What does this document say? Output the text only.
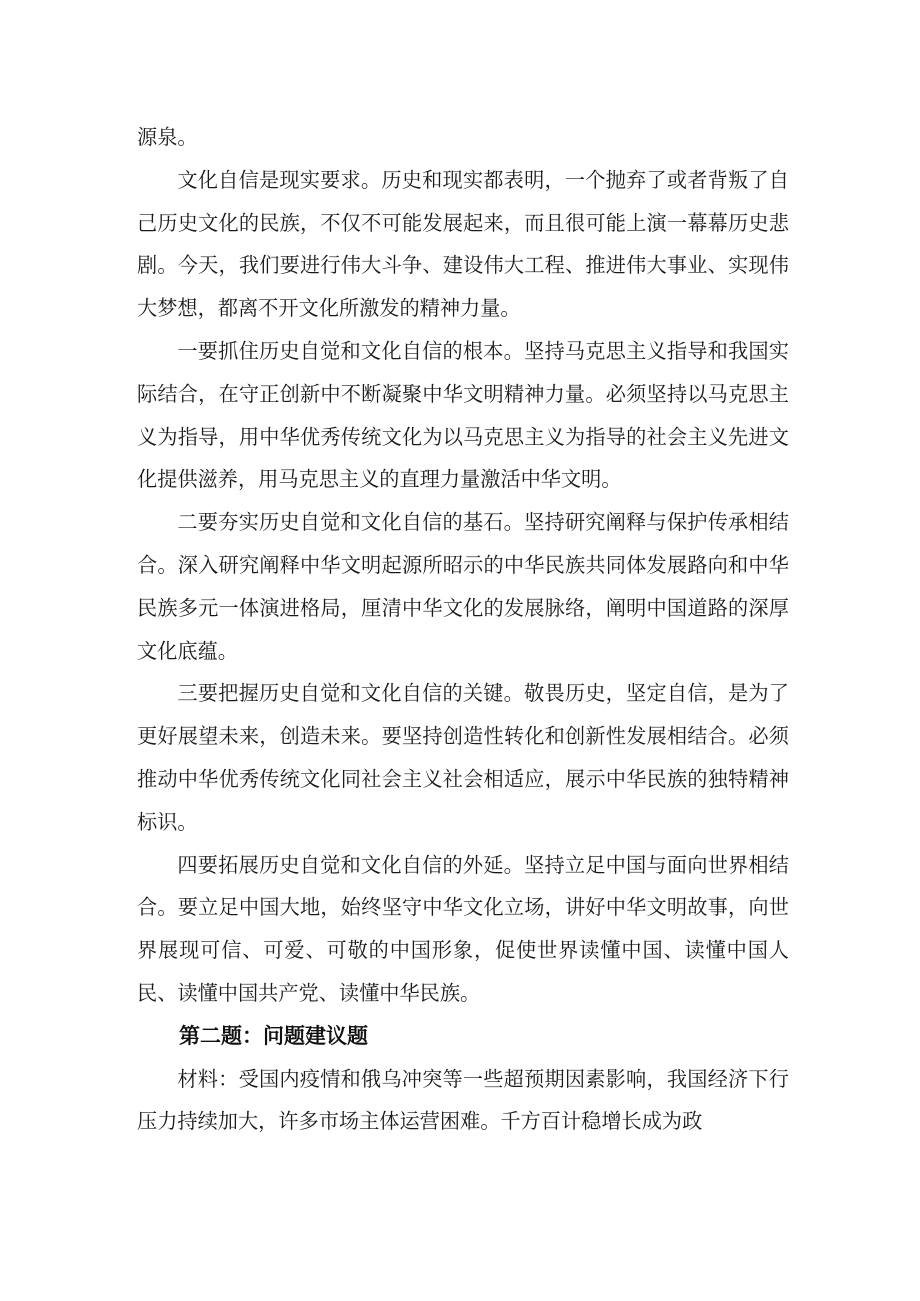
源泉。

文化自信是现实要求。历史和现实都表明，一个抛弃了或者背叛了自己历史文化的民族，不仅不可能发展起来，而且很可能上演一幕幕历史悲剧。今天，我们要进行伟大斗争、建设伟大工程、推进伟大事业、实现伟大梦想，都离不开文化所激发的精神力量。

一要抓住历史自觉和文化自信的根本。坚持马克思主义指导和我国实际结合，在守正创新中不断凝聚中华文明精神力量。必须坚持以马克思主义为指导，用中华优秀传统文化为以马克思主义为指导的社会主义先进文化提供滋养，用马克思主义的直理力量激活中华文明。

二要夯实历史自觉和文化自信的基石。坚持研究阐释与保护传承相结合。深入研究阐释中华文明起源所昭示的中华民族共同体发展路向和中华民族多元一体演进格局，厘清中华文化的发展脉络，阐明中国道路的深厚文化底蕴。

三要把握历史自觉和文化自信的关键。敬畏历史，坚定自信，是为了更好展望未来，创造未来。要坚持创造性转化和创新性发展相结合。必须推动中华优秀传统文化同社会主义社会相适应，展示中华民族的独特精神标识。

四要拓展历史自觉和文化自信的外延。坚持立足中国与面向世界相结合。要立足中国大地，始终坚守中华文化立场，讲好中华文明故事，向世界展现可信、可爱、可敬的中国形象，促使世界读懂中国、读懂中国人民、读懂中国共产党、读懂中华民族。

第二题：问题建议题

材料：受国内疫情和俄乌冲突等一些超预期因素影响，我国经济下行压力持续加大，许多市场主体运营困难。千方百计稳增长成为政
